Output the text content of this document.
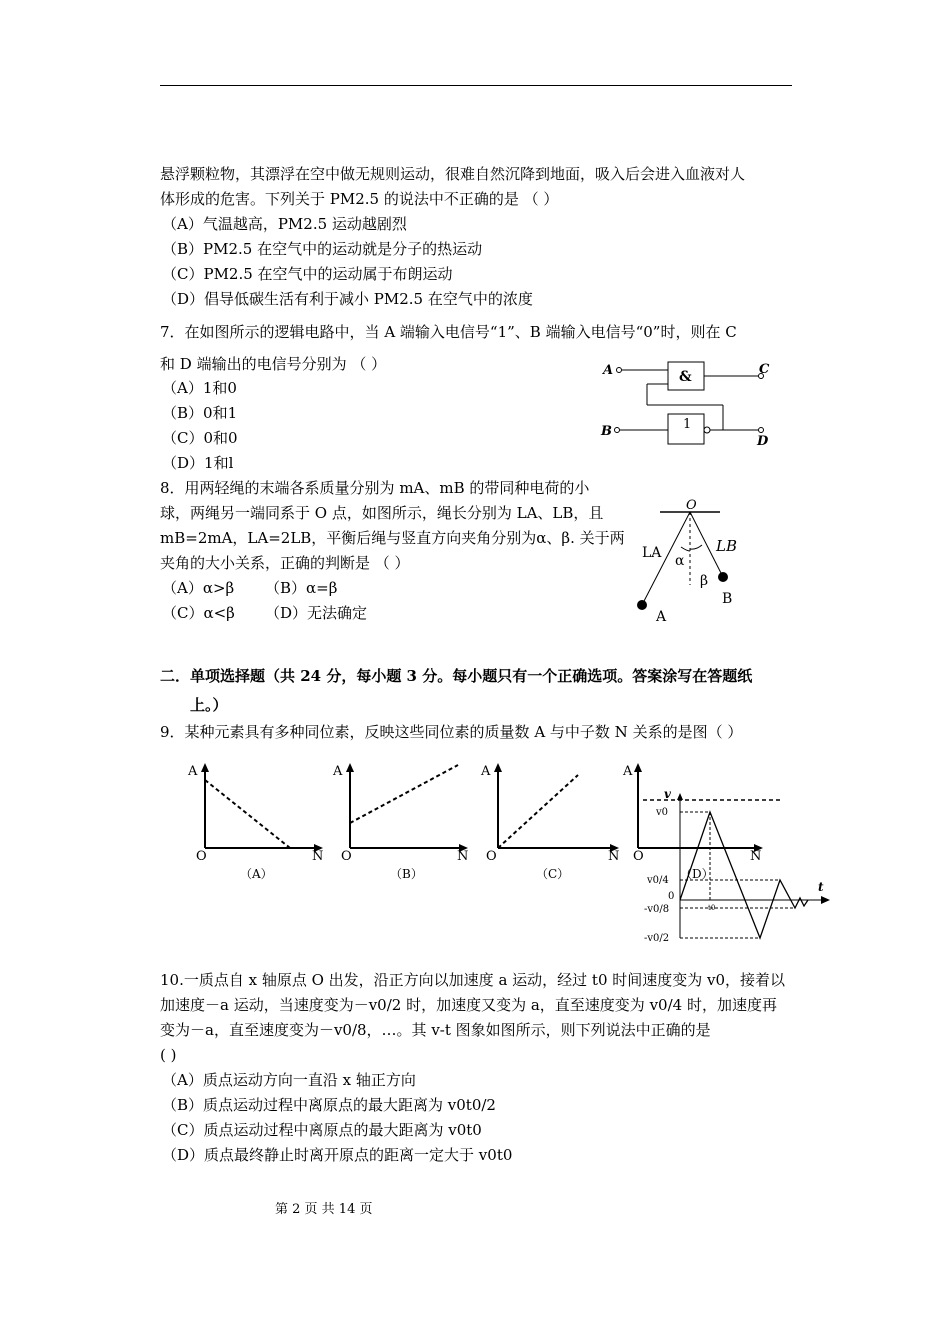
悬浮颗粒物，其漂浮在空中做无规则运动，很难自然沉降到地面，吸入后会进入血液对人
体形成的危害。下列关于 PM2.5 的说法中不正确的是 （ ）
（A）气温越高，PM2.5 运动越剧烈
（B）PM2.5 在空气中的运动就是分子的热运动
（C）PM2.5 在空气中的运动属于布朗运动
（D）倡导低碳生活有利于减小 PM2.5 在空气中的浓度
7．在如图所示的逻辑电路中，当 A 端输入电信号“1”、B 端输入电信号“0”时，则在 C
和 D 端输出的电信号分别为 （ ）
（A）1和0
（B）0和1
（C）0和0
（D）1和l
A	&	C
B	1
D
8．用两轻绳的末端各系质量分别为 mA、mB 的带同种电荷的小
球，两绳另一端同系于 O 点，如图所示，绳长分别为 LA、LB，且
mB=2mA，LA=2LB，平衡后绳与竖直方向夹角分别为α、β. 关于两
夹角的大小关系，正确的判断是 （ ）
（A）α>β （B）α=β
（C）α<β （D）无法确定
O
LA	LB
α
β
A
B
二．单项选择题（共 24 分，每小题 3 分。每小题只有一个正确选项。答案涂写在答题纸
上。）
9．某种元素具有多种同位素，反映这些同位素的质量数 A 与中子数 N 关系的是图（ ）
A
O	N
（A）
A
O	N
（B）
A
O	N
（C）
A
O	N
（D）
v
t
v0
v0/4
0
-v0/8
-v0/2
t0
10.一质点自 x 轴原点 O 出发，沿正方向以加速度 a 运动，经过 t0 时间速度变为 v0，接着以
加速度－a 运动，当速度变为－v0/2 时，加速度又变为 a，直至速度变为 v0/4 时，加速度再
变为－a，直至速度变为－v0/8，…。其 v-t 图象如图所示，则下列说法中正确的是
( )
（A）质点运动方向一直沿 x 轴正方向
（B）质点运动过程中离原点的最大距离为 v0t0/2
（C）质点运动过程中离原点的最大距离为 v0t0
（D）质点最终静止时离开原点的距离一定大于 v0t0
第 2 页 共 14 页
